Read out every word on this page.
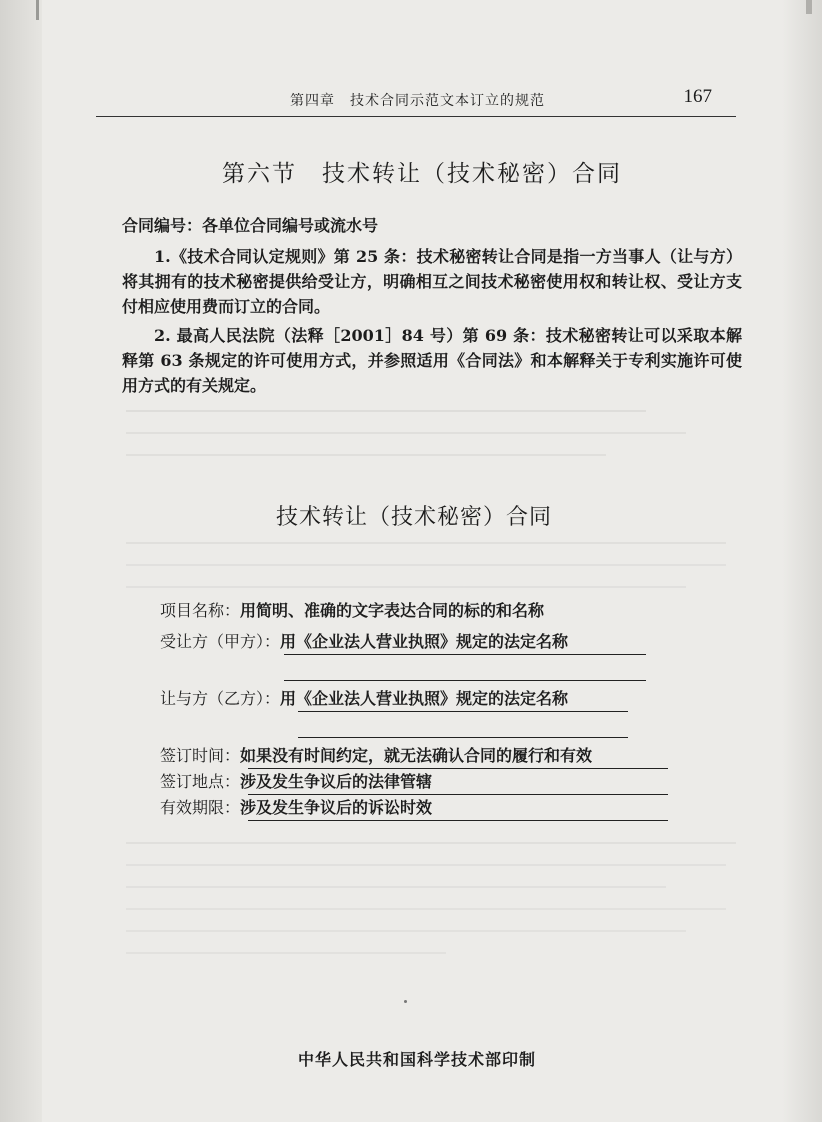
第四章　技术合同示范文本订立的规范	167
第六节　技术转让（技术秘密）合同
合同编号：各单位合同编号或流水号
1.《技术合同认定规则》第 25 条：技术秘密转让合同是指一方当事人（让与方）将其拥有的技术秘密提供给受让方，明确相互之间技术秘密使用权和转让权、受让方支付相应使用费而订立的合同。
2. 最高人民法院（法释［2001］84 号）第 69 条：技术秘密转让可以采取本解释第 63 条规定的许可使用方式，并参照适用《合同法》和本解释关于专利实施许可使用方式的有关规定。
技术转让（技术秘密）合同
项目名称：用简明、准确的文字表达合同的标的和名称
受让方（甲方）：用《企业法人营业执照》规定的法定名称
让与方（乙方）：用《企业法人营业执照》规定的法定名称
签订时间：如果没有时间约定，就无法确认合同的履行和有效
签订地点：涉及发生争议后的法律管辖
有效期限：涉及发生争议后的诉讼时效
中华人民共和国科学技术部印制
